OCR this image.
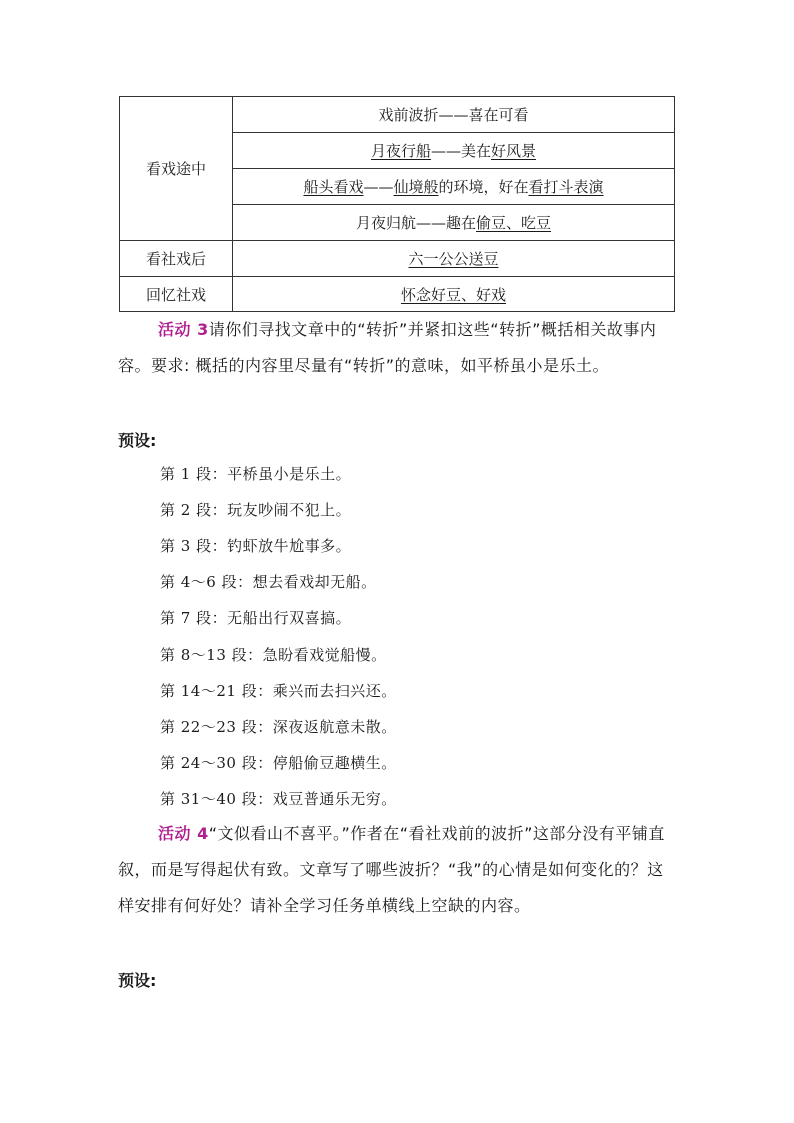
看戏途中
戏前波折——喜在可看
月夜行船 ——美在 好风景
船头看戏 —— 仙境般 的环境，好在 看打斗表演
月夜归航——趣在 偷豆、吃豆
看社戏后	六一公公送豆
回忆社戏	怀念好豆、好戏
活动 3请你们寻找文章中的“转折”并紧扣这些“转折”概括相关故事内容。要求: 概括的内容里尽量有“转折”的意味，如平桥虽小是乐土。
预设:
第 1 段：平桥虽小是乐土。
第 2 段：玩友吵闹不犯上。
第 3 段：钓虾放牛尬事多。
第 4～6 段：想去看戏却无船。
第 7 段：无船出行双喜搞。
第 8～13 段：急盼看戏觉船慢。
第 14～21 段：乘兴而去扫兴还。
第 22～23 段：深夜返航意未散。
第 24～30 段：停船偷豆趣横生。
第 31～40 段：戏豆普通乐无穷。
活动 4“文似看山不喜平。”作者在“看社戏前的波折”这部分没有平铺直叙，而是写得起伏有致。文章写了哪些波折？“我”的心情是如何变化的？这样安排有何好处？请补全学习任务单横线上空缺的内容。
预设:
